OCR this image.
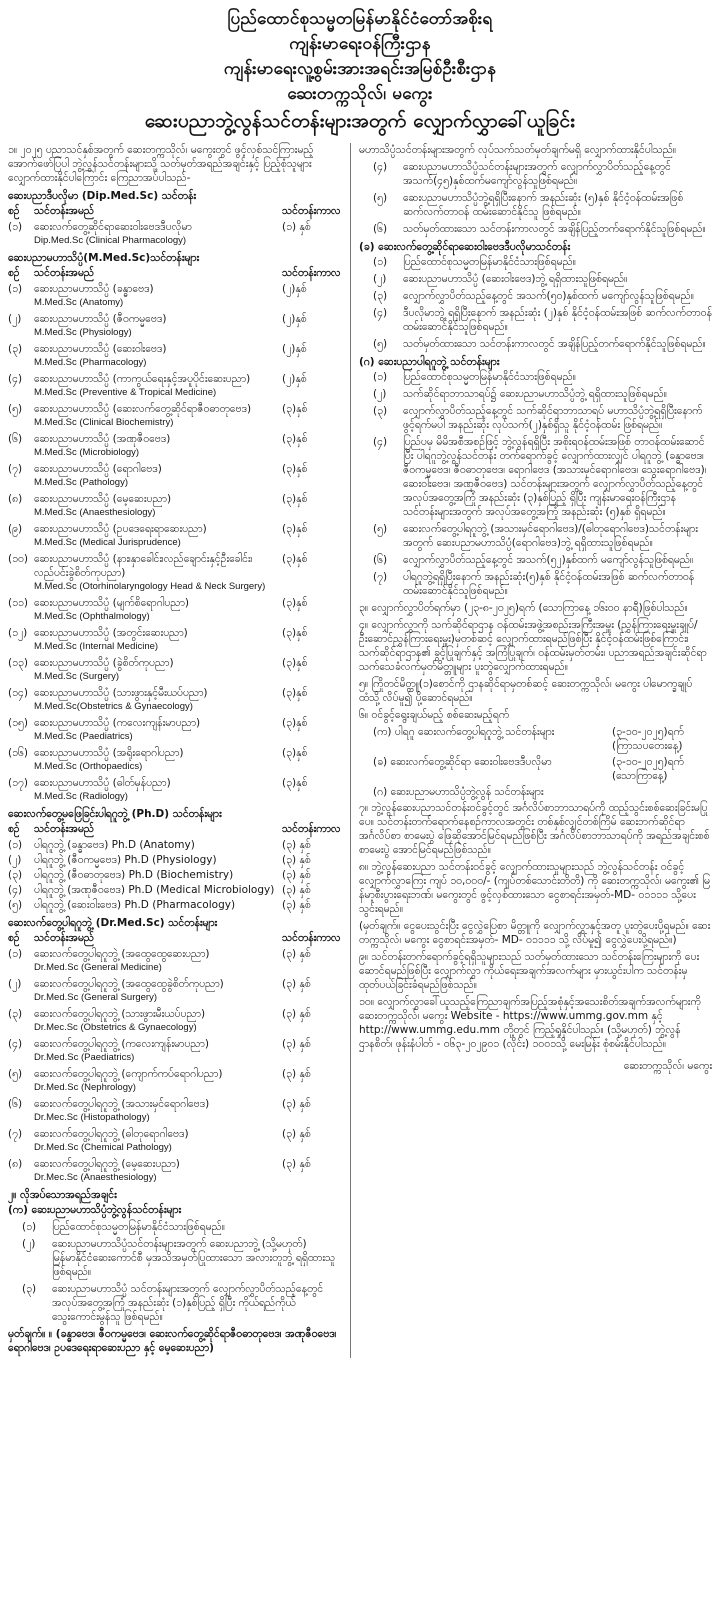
ပြည်ထောင်စုသမ္မတမြန်မာနိုင်ငံတော်အစိုးရ
ကျန်းမာရေးဝန်ကြီးဌာန
ကျန်းမာရေးလူ့စွမ်းအားအရင်းအမြစ်ဦးစီးဌာန
ဆေးတက္ကသိုလ်၊ မကွေး
ဆေးပညာဘွဲ့လွန်သင်တန်းများအတွက် လျှောက်လွှာခေါ်ယူခြင်း
၁။ ၂၀၂၅ ပညာသင်နှစ်အတွက် ဆေးတက္ကသိုလ်၊ မကွေးတွင် ဖွင့်လှစ်သင်ကြားမည့် အောက်ဖော်ပြပါ ဘွဲ့လွန်သင်တန်းများသို့ သတ်မှတ်အရည်အချင်းနှင့် ပြည့်စုံသူများ လျှောက်ထားနိုင်ပါကြောင်း ကြေညာအပ်ပါသည်-
ဆေးပညာဒီပလိုမာ (Dip.Med.Sc) သင်တန်း
စဉ်	သင်တန်းအမည်	သင်တန်းကာလ
(၁)	ဆေးလက်တွေ့ဆိုင်ရာဆေးဝါးဗေဒဒီပလိုမာ	(၁) နှစ်
Dip.Med.Sc (Clinical Pharmacology)
ဆေးပညာမဟာသိပ္ပံ(M.Med.Sc)သင်တန်းများ
စဉ်	သင်တန်းအမည်	သင်တန်းကာလ
(၁)	ဆေးပညာမဟာသိပ္ပံ (ခန္ဓာဗေဒ)	(၂)နှစ်
M.Med.Sc (Anatomy)
(၂)	ဆေးပညာမဟာသိပ္ပံ (ဇီဝကမ္မဗေဒ)	(၂)နှစ်
M.Med.Sc (Physiology)
(၃)	ဆေးပညာမဟာသိပ္ပံ (ဆေးဝါးဗေဒ)	(၂)နှစ်
M.Med.Sc (Pharmacology)
(၄)	ဆေးပညာမဟာသိပ္ပံ (ကာကွယ်ရေးနှင့်အပူပိုင်းဆေးပညာ)	(၂)နှစ်
M.Med.Sc (Preventive & Tropical Medicine)
(၅)	ဆေးပညာမဟာသိပ္ပံ (ဆေးလက်တွေ့ဆိုင်ရာဇီဝဓာတုဗေဒ)	(၃)နှစ်
M.Med.Sc (Clinical Biochemistry)
(၆)	ဆေးပညာမဟာသိပ္ပံ (အဏုဇီဝဗေဒ)	(၃)နှစ်
M.Med.Sc (Microbiology)
(၇)	ဆေးပညာမဟာသိပ္ပံ (ရောဂါဗေဒ)	(၃)နှစ်
M.Med.Sc (Pathology)
(၈)	ဆေးပညာမဟာသိပ္ပံ (မေ့ဆေးပညာ)	(၃)နှစ်
M.Med.Sc (Anaesthesiology)
(၉)	ဆေးပညာမဟာသိပ္ပံ (ဥပဒေရေးရာဆေးပညာ)	(၃)နှစ်
M.Med.Sc (Medical Jurisprudence)
(၁၀) ဆေးပညာမဟာသိပ္ပံ (နား၊နှာခေါင်း၊လည်ချောင်းနှင့်ဦးခေါင်း၊လည်ပင်းခွဲစိတ်ကုပညာ)
(၃)နှစ်
M.Med.Sc (Otorhinolaryngology Head & Neck Surgery)
(၁၁) ဆေးပညာမဟာသိပ္ပံ (မျက်စိရောဂါပညာ)	(၃)နှစ်
M.Med.Sc (Ophthalmology)
(၁၂) ဆေးပညာမဟာသိပ္ပံ (အတွင်းဆေးပညာ)	(၃)နှစ်
M.Med.Sc (Internal Medicine)
(၁၃) ဆေးပညာမဟာသိပ္ပံ (ခွဲစိတ်ကုပညာ)	(၃)နှစ်
M.Med.Sc (Surgery)
(၁၄) ဆေးပညာမဟာသိပ္ပံ (သားဖွားနှင့်မီးယပ်ပညာ)	(၃)နှစ်
M.Med.Sc(Obstetrics & Gynaecology)
(၁၅) ဆေးပညာမဟာသိပ္ပံ (ကလေးကျန်းမာပညာ)	(၃)နှစ်
M.Med.Sc (Paediatrics)
(၁၆) ဆေးပညာမဟာသိပ္ပံ (အရိုးရောဂါပညာ)	(၃)နှစ်
M.Med.Sc (Orthopaedics)
(၁၇) ဆေးပညာမဟာသိပ္ပံ (ဓါတ်မှန်ပညာ)	(၃)နှစ်
M.Med.Sc (Radiology)
ဆေးလက်တွေ့မဖြေခြင်းပါရဂူဘွဲ့ (Ph.D) သင်တန်းများ
စဉ်	သင်တန်းအမည်	သင်တန်းကာလ
(၁)	ပါရဂူဘွဲ့ (ခန္ဓာဗေဒ) Ph.D (Anatomy)	(၃) နှစ်
(၂)	ပါရဂူဘွဲ့ (ဇီဝကမ္မဗေဒ) Ph.D (Physiology)	(၃) နှစ်
(၃)	ပါရဂူဘွဲ့ (ဇီဝဓာတုဗေဒ) Ph.D (Biochemistry)	(၃) နှစ်
(၄)	ပါရဂူဘွဲ့ (အဏုဇီဝဗေဒ) Ph.D (Medical Microbiology) (၃) နှစ်
(၅)	ပါရဂူဘွဲ့ (ဆေးဝါးဗေဒ) Ph.D (Pharmacology)	(၃) နှစ်
ဆေးလက်တွေ့ပါရဂူဘွဲ့ (Dr.Med.Sc) သင်တန်းများ
စဉ်	သင်တန်းအမည်	သင်တန်းကာလ
(၁)	ဆေးလက်တွေ့ပါရဂူဘွဲ့ (အထွေထွေဆေးပညာ)	(၃) နှစ်
Dr.Med.Sc (General Medicine)
(၂)	ဆေးလက်တွေ့ပါရဂူဘွဲ့ (အထွေထွေခွဲစိတ်ကုပညာ)	(၃) နှစ်
Dr.Med.Sc (General Surgery)
(၃)	ဆေးလက်တွေ့ပါရဂူဘွဲ့ (သားဖွားမီးယပ်ပညာ)	(၃) နှစ်
Dr.Mec.Sc (Obstetrics & Gynaecology)
(၄)	ဆေးလက်တွေ့ပါရဂူဘွဲ့ (ကလေးကျန်းမာပညာ)	(၃) နှစ်
Dr.Med.Sc (Paediatrics)
(၅)	ဆေးလက်တွေ့ပါရဂူဘွဲ့ (ကျောက်ကပ်ရောဂါပညာ)	(၃) နှစ်
Dr.Med.Sc (Nephrology)
(၆)	ဆေးလက်တွေ့ပါရဂူဘွဲ့ (အသားမှင်ရောဂါဗေဒ)	(၃) နှစ်
Dr.Mec.Sc (Histopathology)
(၇)	ဆေးလက်တွေ့ပါရဂူဘွဲ့ (ဓါတုရောဂါဗေဒ)	(၃) နှစ်
Dr.Med.Sc (Chemical Pathology)
(၈)	ဆေးလက်တွေ့ပါရဂူဘွဲ့ (မေ့ဆေးပညာ)	(၃) နှစ်
Dr.Mec.Sc (Anaesthesiology)
၂။ လိုအပ်သောအရည်အချင်း
(က) ဆေးပညာမဟာသိပ္ပံဘွဲ့လွန်သင်တန်းများ
(၁)	ပြည်ထောင်စုသမ္မတမြန်မာနိုင်ငံသားဖြစ်ရမည်။
(၂)	ဆေးပညာမဟာသိပ္ပံသင်တန်းများအတွက် ဆေးပညာဘွဲ့ (သို့မဟုတ်) မြန်မာနိုင်ငံဆေးကောင်စီ မှအသိအမှတ်ပြုထားသော အလားတူဘွဲ့ ရရှိထားသူဖြစ်ရမည်။
(၃)	ဆေးပညာမဟာသိပ္ပံ သင်တန်းများအတွက် လျှောက်လွှာပိတ်သည့်နေ့တွင် အလုပ်အတွေ့အကြုံ အနည်းဆုံး (၁)နှစ်ပြည့် ရှိပြီး ကိုယ်ရည်ကိုယ်သွေးကောင်းမွန်သူ ဖြစ်ရမည်။
မှတ်ချက်။ ။ (ခန္ဓာဗေဒ၊ ဇီဝကမ္မဗေဒ၊ ဆေးလက်တွေ့ဆိုင်ရာဇီဝဓာတုဗေဒ၊ အဏုဇီဝဗေဒ၊ ရောဂါဗေဒ၊ ဥပဒေရေးရာဆေးပညာ နှင့် မေ့ဆေးပညာ)
မဟာသိပ္ပံသင်တန်းများအတွက် လုပ်သက်သတ်မှတ်ချက်မရှိ လျှောက်ထားနိုင်ပါသည်။
(၄)	ဆေးပညာမဟာသိပ္ပံသင်တန်းများအတွက် လျှောက်လွှာပိတ်သည့်နေ့တွင် အသက်(၄၅)နှစ်ထက်မကျော်လွန်သူဖြစ်ရမည်။
(၅)	ဆေးပညာမဟာသိပ္ပံဘွဲ့ရရှိပြီးနောက် အနည်းဆုံး (၅)နှစ် နိုင်ငံ့ဝန်ထမ်းအဖြစ် ဆက်လက်တာဝန် ထမ်းဆောင်နိုင်သူ ဖြစ်ရမည်။
(၆)	သတ်မှတ်ထားသော သင်တန်းကာလတွင် အချိန်ပြည့်တက်ရောက်နိုင်သူဖြစ်ရမည်။
(ခ) ဆေးလက်တွေ့ဆိုင်ရာဆေးဝါးဗေဒဒီပလိုမာသင်တန်း
(၁)	ပြည်ထောင်စုသမ္မတမြန်မာနိုင်ငံသားဖြစ်ရမည်။
(၂)	ဆေးပညာမဟာသိပ္ပံ (ဆေးဝါးဗေဒ)ဘွဲ့ ရရှိထားသူဖြစ်ရမည်။
(၃)	လျှောက်လွှာပိတ်သည့်နေ့တွင် အသက်(၅၀)နှစ်ထက် မကျော်လွန်သူဖြစ်ရမည်။
(၄)	ဒီပလိုမာဘွဲ့ ရရှိပြီးနောက် အနည်းဆုံး (၂)နှစ် နိုင်ငံ့ဝန်ထမ်းအဖြစ် ဆက်လက်တာဝန်ထမ်းဆောင်နိုင်သူဖြစ်ရမည်။
(၅)	သတ်မှတ်ထားသော သင်တန်းကာလတွင် အချိန်ပြည့်တက်ရောက်နိုင်သူဖြစ်ရမည်။
(ဂ) ဆေးပညာပါရဂူဘွဲ့ သင်တန်းများ
(၁)	ပြည်ထောင်စုသမ္မတမြန်မာနိုင်ငံသားဖြစ်ရမည်။
(၂)	သက်ဆိုင်ရာဘာသာရပ်၌ ဆေးပညာမဟာသိပ္ပံဘွဲ့ ရရှိထားသူဖြစ်ရမည်။
(၃)	လျှောက်လွှာပိတ်သည့်နေ့တွင် သက်ဆိုင်ရာဘာသာရပ် မဟာသိပ္ပံဘွဲ့ရရှိပြီးနောက် ဖွင့်ရက်မပါ အနည်းဆုံး လုပ်သက်(၂)နှစ်ရှိသူ နိုင်ငံ့ဝန်ထမ်း ဖြစ်ရမည်။
(၄)	ပြည်ပမှ မိမိအစီအစဉ်ဖြင့် ဘွဲ့လွန်ရရှိပြီး အစိုးရဝန်ထမ်းအဖြစ် တာဝန်ထမ်းဆောင်ပြီး ပါရဂူဘွဲ့လွန်သင်တန်း တက်ရောက်ခွင့် လျှောက်ထားလျှင် ပါရဂူဘွဲ့ (ခန္ဓာဗေဒ၊ ဇီဝကမ္မဗေဒ၊ ဇီဝဓာတုဗေဒ၊ ရောဂါဗေဒ (အသားမှင်ရောဂါဗေဒ၊ သွေးရောဂါဗေဒ)၊ ဆေးဝါးဗေဒ၊ အဏုဇီဝဗေဒ) သင်တန်းများအတွက် လျှောက်လွှာပိတ်သည့်နေ့တွင် အလုပ်အတွေ့အကြုံ အနည်းဆုံး (၃)နှစ်ပြည့် ရှိပြီး ကျန်းမာရေးဝန်ကြီးဌာန သင်တန်းများအတွက် အလုပ်အတွေ့အကြုံ အနည်းဆုံး (၅)နှစ် ရှိရမည်။
(၅)	ဆေးလက်တွေ့ပါရဂူဘွဲ့ (အသားမှင်ရောဂါဗေဒ)/(ဓါတုရောဂါဗေဒ)သင်တန်းများအတွက် ဆေးပညာမဟာသိပ္ပံ(ရောဂါဗေဒ)ဘွဲ့ ရရှိထားသူဖြစ်ရမည်။
(၆)	လျှောက်လွှာပိတ်သည့်နေ့တွင် အသက်(၅၂)နှစ်ထက် မကျော်လွန်သူဖြစ်ရမည်။
(၇)	ပါရဂူဘွဲ့ရရှိပြီးနောက် အနည်းဆုံး(၅)နှစ် နိုင်ငံ့ဝန်ထမ်းအဖြစ် ဆက်လက်တာဝန်ထမ်းဆောင်နိုင်သူဖြစ်ရမည်။
၃။ လျှောက်လွှာပိတ်ရက်မှာ (၂၃-၈-၂၀၂၅)ရက် (သောကြာနေ့ ၁၆း၀၀ နာရီ)ဖြစ်ပါသည်။
၄။ လျှောက်လွှာကို သက်ဆိုင်ရာဌာန ဝန်ထမ်းအဖွဲ့အစည်းအကြီးအမှူး (ညွှန်ကြားရေးမှူးချုပ်/ဦးဆောင်ညွှန်ကြားရေးမှူး)မှတစ်ဆင့် လျှောက်ထားရမည်ဖြစ်ပြီး နိုင်ငံ့ဝန်ထမ်းဖြစ်ကြောင်း၊ သက်ဆိုင်ရာဌာန၏ ခွင့်ပြုချက်နှင့် အကြံပြုချက်၊ ဝန်ထမ်းမှတ်တမ်း၊ ပညာအရည်အချင်းဆိုင်ရာ သက်သေခံလက်မှတ်မိတ္တူများ ပူးတွဲလျှောက်ထားရမည်။
၅။ ကြိုတင်မိတ္တူ(၁)စောင်ကို ဌာနဆိုင်ရာမှတစ်ဆင့် ဆေးတက္ကသိုလ်၊ မကွေး ပါမောက္ခချုပ်ထံသို့ လိပ်မူ၍ ပို့ဆောင်ရမည်။
၆။ ဝင်ခွင့်ရွေးချယ်မည့် စစ်ဆေးမည့်ရက်
(က) ပါရဂူ ဆေးလက်တွေ့ပါရဂူဘွဲ့ သင်တန်းများ	(၃-၁၀-၂၀၂၅)ရက် (ကြာသပတေးနေ့)
(ခ) ဆေးလက်တွေ့ဆိုင်ရာ ဆေးဝါးဗေဒဒီပလိုမာ	(၃-၁၀-၂၀၂၅)ရက် (သောကြာနေ့)
(ဂ) ဆေးပညာမဟာသိပ္ပံဘွဲ့လွန် သင်တန်းများ
၇။ ဘွဲ့လွန်ဆေးပညာသင်တန်းဝင်ခွင့်တွင် အင်္ဂလိပ်စာဘာသာရပ်ကို ထည့်သွင်းစစ်ဆေးခြင်းမပြုပေ။ သင်တန်းတက်ရောက်နေစဉ်ကာလအတွင်း တစ်နှစ်လျှင်တစ်ကြိမ် ဆေးဘက်ဆိုင်ရာ အင်္ဂလိပ်စာ စာမေးပွဲ ဖြေဆိုအောင်မြင်ရမည်ဖြစ်ပြီး အင်္ဂလိပ်စာဘာသာရပ်ကို အရည်အချင်းစစ်စာမေးပွဲ အောင်မြင်ရမည်ဖြစ်သည်။
၈။ ဘွဲ့လွန်ဆေးပညာ သင်တန်းဝင်ခွင့် လျှောက်ထားသူများသည် ဘွဲ့လွန်သင်တန်း ဝင်ခွင့်လျှောက်လွှာကြေး ကျပ် ၁၀,၀၀၀/- (ကျပ်တစ်သောင်းတိတိ) ကို ဆေးတက္ကသိုလ်၊ မကွေး၏ မြန်မာ့စီးပွားရေးဘဏ်၊ မကွေးတွင် ဖွင့်လှစ်ထားသော ငွေစာရင်းအမှတ်-MD- ၀၁၁၁၁ သို့ပေးသွင်းရမည်။
(မှတ်ချက်။ ငွေပေးသွင်းပြီး ငွေလွှဲပြေစာ မိတ္တူကို လျှောက်လွှာနှင့်အတူ ပူးတွဲပေးပို့ရမည်။ ဆေးတက္ကသိုလ်၊ မကွေး ငွေစာရင်းအမှတ်- MD- ၀၁၁၁၁ သို့ လိပ်မူ၍ ငွေလွှဲပေးပို့ရမည်။)
၉။ သင်တန်းတက်ရောက်ခွင့်ရရှိသူများသည် သတ်မှတ်ထားသော သင်တန်းကြေးများကို ပေးဆောင်ရမည်ဖြစ်ပြီး လျှောက်လွှာ ကိုယ်ရေးအချက်အလက်များ မှားယွင်းပါက သင်တန်းမှ ထုတ်ပယ်ခြင်းခံရမည်ဖြစ်သည်။
၁၀။ လျှောက်လွှာခေါ်ယူသည့်ကြေညာချက်အပြည့်အစုံနှင့်အသေးစိတ်အချက်အလက်များကို ဆေးတက္ကသိုလ်၊ မကွေး Website - https://www.ummg.gov.mm နှင့် http://www.ummg.edu.mm တို့တွင် ကြည့်ရှုနိုင်ပါသည်။ (သို့မဟုတ်) ဘွဲ့လွန်ဌာနစိတ်၊ ဖုန်းနံပါတ် - ၀၆၃-၂၀၂၉၀၁ (လိုင်း) ၁၀၀၁သို့ မေးမြန်း စုံစမ်းနိုင်ပါသည်။
ဆေးတက္ကသိုလ်၊ မကွေး
